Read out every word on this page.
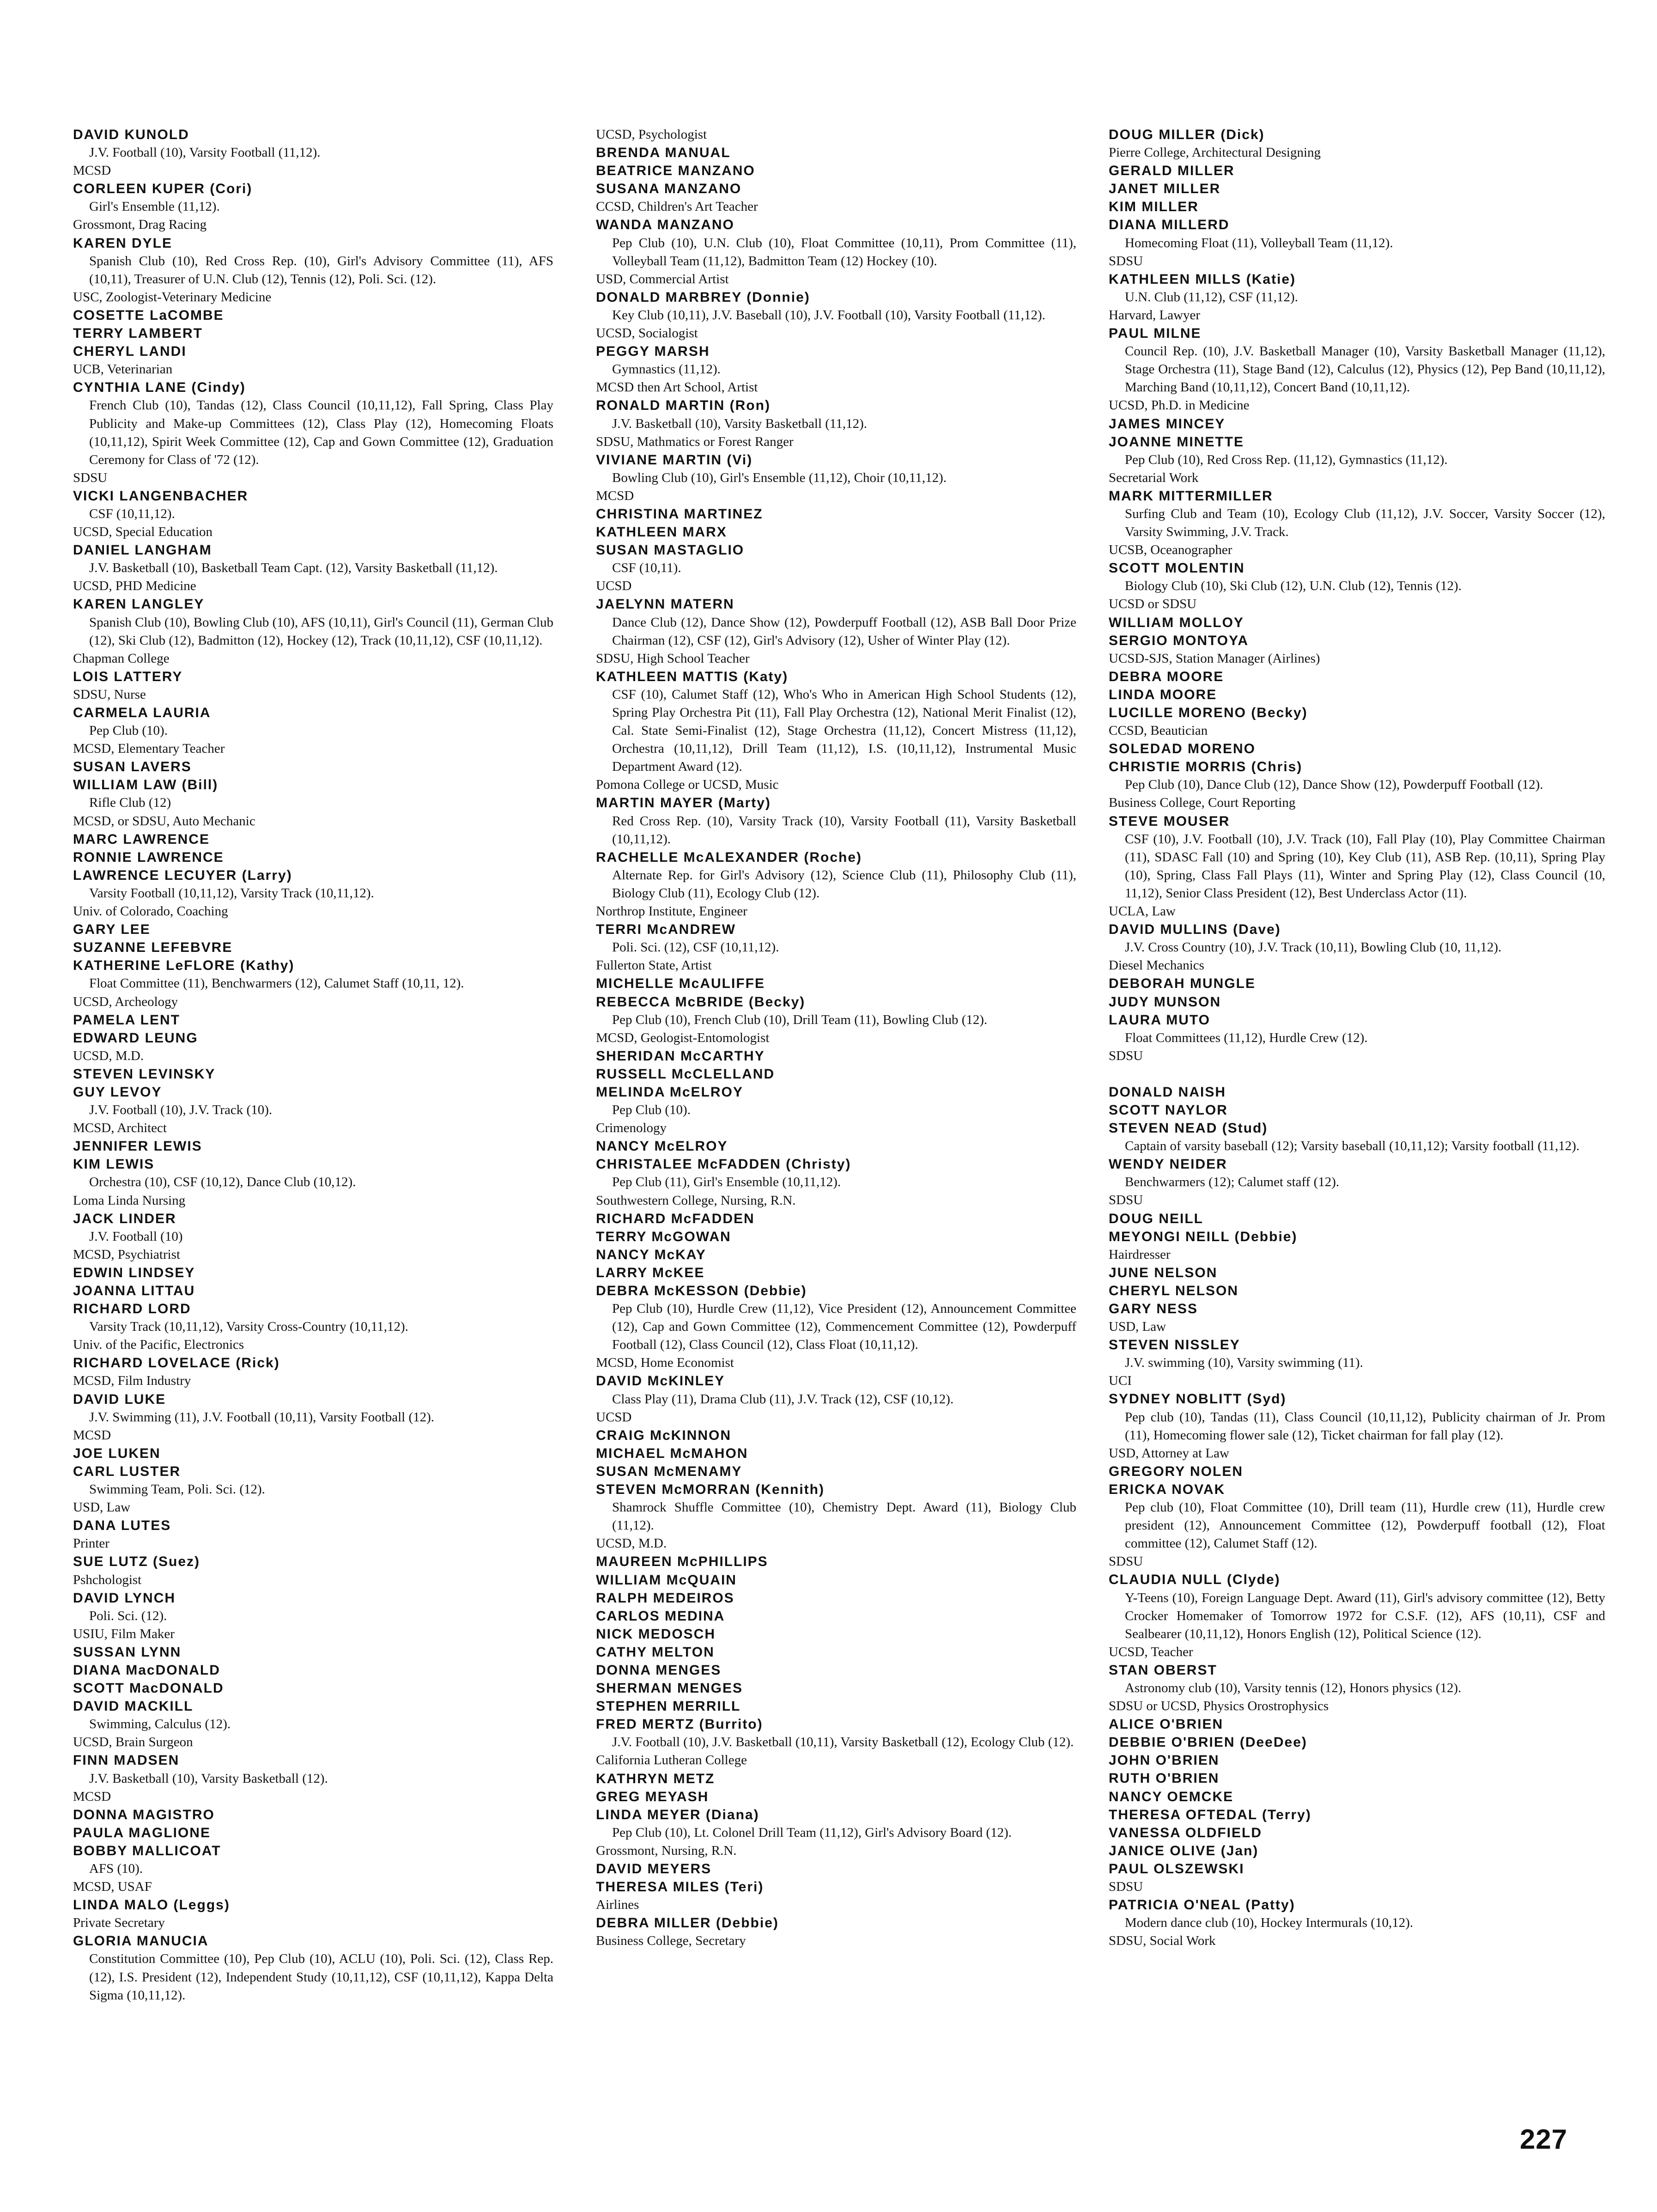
DAVID KUNOLD
J.V. Football (10), Varsity Football (11,12).
MCSD
CORLEEN KUPER (Cori)
Girl's Ensemble (11,12).
Grossmont, Drag Racing
KAREN DYLE
Spanish Club (10), Red Cross Rep. (10), Girl's Advisory Committee (11), AFS (10,11), Treasurer of U.N. Club (12), Tennis (12), Poli. Sci. (12).
USC, Zoologist-Veterinary Medicine
COSETTE LaCOMBE
TERRY LAMBERT
CHERYL LANDI
UCB, Veterinarian
CYNTHIA LANE (Cindy)
French Club (10), Tandas (12), Class Council (10,11,12), Fall Spring, Class Play Publicity and Make-up Committees (12), Class Play (12), Homecoming Floats (10,11,12), Spirit Week Committee (12), Cap and Gown Committee (12), Graduation Ceremony for Class of '72 (12).
SDSU
VICKI LANGENBACHER
CSF (10,11,12).
UCSD, Special Education
DANIEL LANGHAM
J.V. Basketball (10), Basketball Team Capt. (12), Varsity Basketball (11,12).
UCSD, PHD Medicine
KAREN LANGLEY
Spanish Club (10), Bowling Club (10), AFS (10,11), Girl's Council (11), German Club (12), Ski Club (12), Badmitton (12), Hockey (12), Track (10,11,12), CSF (10,11,12).
Chapman College
LOIS LATTERY
SDSU, Nurse
CARMELA LAURIA
Pep Club (10).
MCSD, Elementary Teacher
SUSAN LAVERS
WILLIAM LAW (Bill)
Rifle Club (12)
MCSD, or SDSU, Auto Mechanic
MARC LAWRENCE
RONNIE LAWRENCE
LAWRENCE LECUYER (Larry)
Varsity Football (10,11,12), Varsity Track (10,11,12).
Univ. of Colorado, Coaching
GARY LEE
SUZANNE LEFEBVRE
KATHERINE LeFLORE (Kathy)
Float Committee (11), Benchwarmers (12), Calumet Staff (10,11, 12).
UCSD, Archeology
PAMELA LENT
EDWARD LEUNG
UCSD, M.D.
STEVEN LEVINSKY
GUY LEVOY
J.V. Football (10), J.V. Track (10).
MCSD, Architect
JENNIFER LEWIS
KIM LEWIS
Orchestra (10), CSF (10,12), Dance Club (10,12).
Loma Linda Nursing
JACK LINDER
J.V. Football (10)
MCSD, Psychiatrist
EDWIN LINDSEY
JOANNA LITTAU
RICHARD LORD
Varsity Track (10,11,12), Varsity Cross-Country (10,11,12).
Univ. of the Pacific, Electronics
RICHARD LOVELACE (Rick)
MCSD, Film Industry
DAVID LUKE
J.V. Swimming (11), J.V. Football (10,11), Varsity Football (12).
MCSD
JOE LUKEN
CARL LUSTER
Swimming Team, Poli. Sci. (12).
USD, Law
DANA LUTES
Printer
SUE LUTZ (Suez)
Pshchologist
DAVID LYNCH
Poli. Sci. (12).
USIU, Film Maker
SUSSAN LYNN
DIANA MacDONALD
SCOTT MacDONALD
DAVID MACKILL
Swimming, Calculus (12).
UCSD, Brain Surgeon
FINN MADSEN
J.V. Basketball (10), Varsity Basketball (12).
MCSD
DONNA MAGISTRO
PAULA MAGLIONE
BOBBY MALLICOAT
AFS (10).
MCSD, USAF
LINDA MALO (Leggs)
Private Secretary
GLORIA MANUCIA
Constitution Committee (10), Pep Club (10), ACLU (10), Poli. Sci. (12), Class Rep. (12), I.S. President (12), Independent Study (10,11,12), CSF (10,11,12), Kappa Delta Sigma (10,11,12).
UCSD, Psychologist
BRENDA MANUAL
BEATRICE MANZANO
SUSANA MANZANO
CCSD, Children's Art Teacher
WANDA MANZANO
Pep Club (10), U.N. Club (10), Float Committee (10,11), Prom Committee (11), Volleyball Team (11,12), Badmitton Team (12) Hockey (10).
USD, Commercial Artist
DONALD MARBREY (Donnie)
Key Club (10,11), J.V. Baseball (10), J.V. Football (10), Varsity Football (11,12).
UCSD, Socialogist
PEGGY MARSH
Gymnastics (11,12).
MCSD then Art School, Artist
RONALD MARTIN (Ron)
J.V. Basketball (10), Varsity Basketball (11,12).
SDSU, Mathmatics or Forest Ranger
VIVIANE MARTIN (Vi)
Bowling Club (10), Girl's Ensemble (11,12), Choir (10,11,12).
MCSD
CHRISTINA MARTINEZ
KATHLEEN MARX
SUSAN MASTAGLIO
CSF (10,11).
UCSD
JAELYNN MATERN
Dance Club (12), Dance Show (12), Powderpuff Football (12), ASB Ball Door Prize Chairman (12), CSF (12), Girl's Advisory (12), Usher of Winter Play (12).
SDSU, High School Teacher
KATHLEEN MATTIS (Katy)
CSF (10), Calumet Staff (12), Who's Who in American High School Students (12), Spring Play Orchestra Pit (11), Fall Play Orchestra (12), National Merit Finalist (12), Cal. State Semi-Finalist (12), Stage Orchestra (11,12), Concert Mistress (11,12), Orchestra (10,11,12), Drill Team (11,12), I.S. (10,11,12), Instrumental Music Department Award (12).
Pomona College or UCSD, Music
MARTIN MAYER (Marty)
Red Cross Rep. (10), Varsity Track (10), Varsity Football (11), Varsity Basketball (10,11,12).
RACHELLE McALEXANDER (Roche)
Alternate Rep. for Girl's Advisory (12), Science Club (11), Philosophy Club (11), Biology Club (11), Ecology Club (12).
Northrop Institute, Engineer
TERRI McANDREW
Poli. Sci. (12), CSF (10,11,12).
Fullerton State, Artist
MICHELLE McAULIFFE
REBECCA McBRIDE (Becky)
Pep Club (10), French Club (10), Drill Team (11), Bowling Club (12).
MCSD, Geologist-Entomologist
SHERIDAN McCARTHY
RUSSELL McCLELLAND
MELINDA McELROY
Pep Club (10).
Crimenology
NANCY McELROY
CHRISTALEE McFADDEN (Christy)
Pep Club (11), Girl's Ensemble (10,11,12).
Southwestern College, Nursing, R.N.
RICHARD McFADDEN
TERRY McGOWAN
NANCY McKAY
LARRY McKEE
DEBRA McKESSON (Debbie)
Pep Club (10), Hurdle Crew (11,12), Vice President (12), Announcement Committee (12), Cap and Gown Committee (12), Commencement Committee (12), Powderpuff Football (12), Class Council (12), Class Float (10,11,12).
MCSD, Home Economist
DAVID McKINLEY
Class Play (11), Drama Club (11), J.V. Track (12), CSF (10,12).
UCSD
CRAIG McKINNON
MICHAEL McMAHON
SUSAN McMENAMY
STEVEN McMORRAN (Kennith)
Shamrock Shuffle Committee (10), Chemistry Dept. Award (11), Biology Club (11,12).
UCSD, M.D.
MAUREEN McPHILLIPS
WILLIAM McQUAIN
RALPH MEDEIROS
CARLOS MEDINA
NICK MEDOSCH
CATHY MELTON
DONNA MENGES
SHERMAN MENGES
STEPHEN MERRILL
FRED MERTZ (Burrito)
J.V. Football (10), J.V. Basketball (10,11), Varsity Basketball (12), Ecology Club (12).
California Lutheran College
KATHRYN METZ
GREG MEYASH
LINDA MEYER (Diana)
Pep Club (10), Lt. Colonel Drill Team (11,12), Girl's Advisory Board (12).
Grossmont, Nursing, R.N.
DAVID MEYERS
THERESA MILES (Teri)
Airlines
DEBRA MILLER (Debbie)
Business College, Secretary
DOUG MILLER (Dick)
Pierre College, Architectural Designing
GERALD MILLER
JANET MILLER
KIM MILLER
DIANA MILLERD
Homecoming Float (11), Volleyball Team (11,12).
SDSU
KATHLEEN MILLS (Katie)
U.N. Club (11,12), CSF (11,12).
Harvard, Lawyer
PAUL MILNE
Council Rep. (10), J.V. Basketball Manager (10), Varsity Basketball Manager (11,12), Stage Orchestra (11), Stage Band (12), Calculus (12), Physics (12), Pep Band (10,11,12), Marching Band (10,11,12), Concert Band (10,11,12).
UCSD, Ph.D. in Medicine
JAMES MINCEY
JOANNE MINETTE
Pep Club (10), Red Cross Rep. (11,12), Gymnastics (11,12).
Secretarial Work
MARK MITTERMILLER
Surfing Club and Team (10), Ecology Club (11,12), J.V. Soccer, Varsity Soccer (12), Varsity Swimming, J.V. Track.
UCSB, Oceanographer
SCOTT MOLENTIN
Biology Club (10), Ski Club (12), U.N. Club (12), Tennis (12).
UCSD or SDSU
WILLIAM MOLLOY
SERGIO MONTOYA
UCSD-SJS, Station Manager (Airlines)
DEBRA MOORE
LINDA MOORE
LUCILLE MORENO (Becky)
CCSD, Beautician
SOLEDAD MORENO
CHRISTIE MORRIS (Chris)
Pep Club (10), Dance Club (12), Dance Show (12), Powderpuff Football (12).
Business College, Court Reporting
STEVE MOUSER
CSF (10), J.V. Football (10), J.V. Track (10), Fall Play (10), Play Committee Chairman (11), SDASC Fall (10) and Spring (10), Key Club (11), ASB Rep. (10,11), Spring Play (10), Spring, Class Fall Plays (11), Winter and Spring Play (12), Class Council (10, 11,12), Senior Class President (12), Best Underclass Actor (11).
UCLA, Law
DAVID MULLINS (Dave)
J.V. Cross Country (10), J.V. Track (10,11), Bowling Club (10, 11,12).
Diesel Mechanics
DEBORAH MUNGLE
JUDY MUNSON
LAURA MUTO
Float Committees (11,12), Hurdle Crew (12).
SDSU
DONALD NAISH
SCOTT NAYLOR
STEVEN NEAD (Stud)
Captain of varsity baseball (12); Varsity baseball (10,11,12); Varsity football (11,12).
WENDY NEIDER
Benchwarmers (12); Calumet staff (12).
SDSU
DOUG NEILL
MEYONGI NEILL (Debbie)
Hairdresser
JUNE NELSON
CHERYL NELSON
GARY NESS
USD, Law
STEVEN NISSLEY
J.V. swimming (10), Varsity swimming (11).
UCI
SYDNEY NOBLITT (Syd)
Pep club (10), Tandas (11), Class Council (10,11,12), Publicity chairman of Jr. Prom (11), Homecoming flower sale (12), Ticket chairman for fall play (12).
USD, Attorney at Law
GREGORY NOLEN
ERICKA NOVAK
Pep club (10), Float Committee (10), Drill team (11), Hurdle crew (11), Hurdle crew president (12), Announcement Committee (12), Powderpuff football (12), Float committee (12), Calumet Staff (12).
SDSU
CLAUDIA NULL (Clyde)
Y-Teens (10), Foreign Language Dept. Award (11), Girl's advisory committee (12), Betty Crocker Homemaker of Tomorrow 1972 for C.S.F. (12), AFS (10,11), CSF and Sealbearer (10,11,12), Honors English (12), Political Science (12).
UCSD, Teacher
STAN OBERST
Astronomy club (10), Varsity tennis (12), Honors physics (12).
SDSU or UCSD, Physics Orostrophysics
ALICE O'BRIEN
DEBBIE O'BRIEN (DeeDee)
JOHN O'BRIEN
RUTH O'BRIEN
NANCY OEMCKE
THERESA OFTEDAL (Terry)
VANESSA OLDFIELD
JANICE OLIVE (Jan)
PAUL OLSZEWSKI
SDSU
PATRICIA O'NEAL (Patty)
Modern dance club (10), Hockey Intermurals (10,12).
SDSU, Social Work
227
